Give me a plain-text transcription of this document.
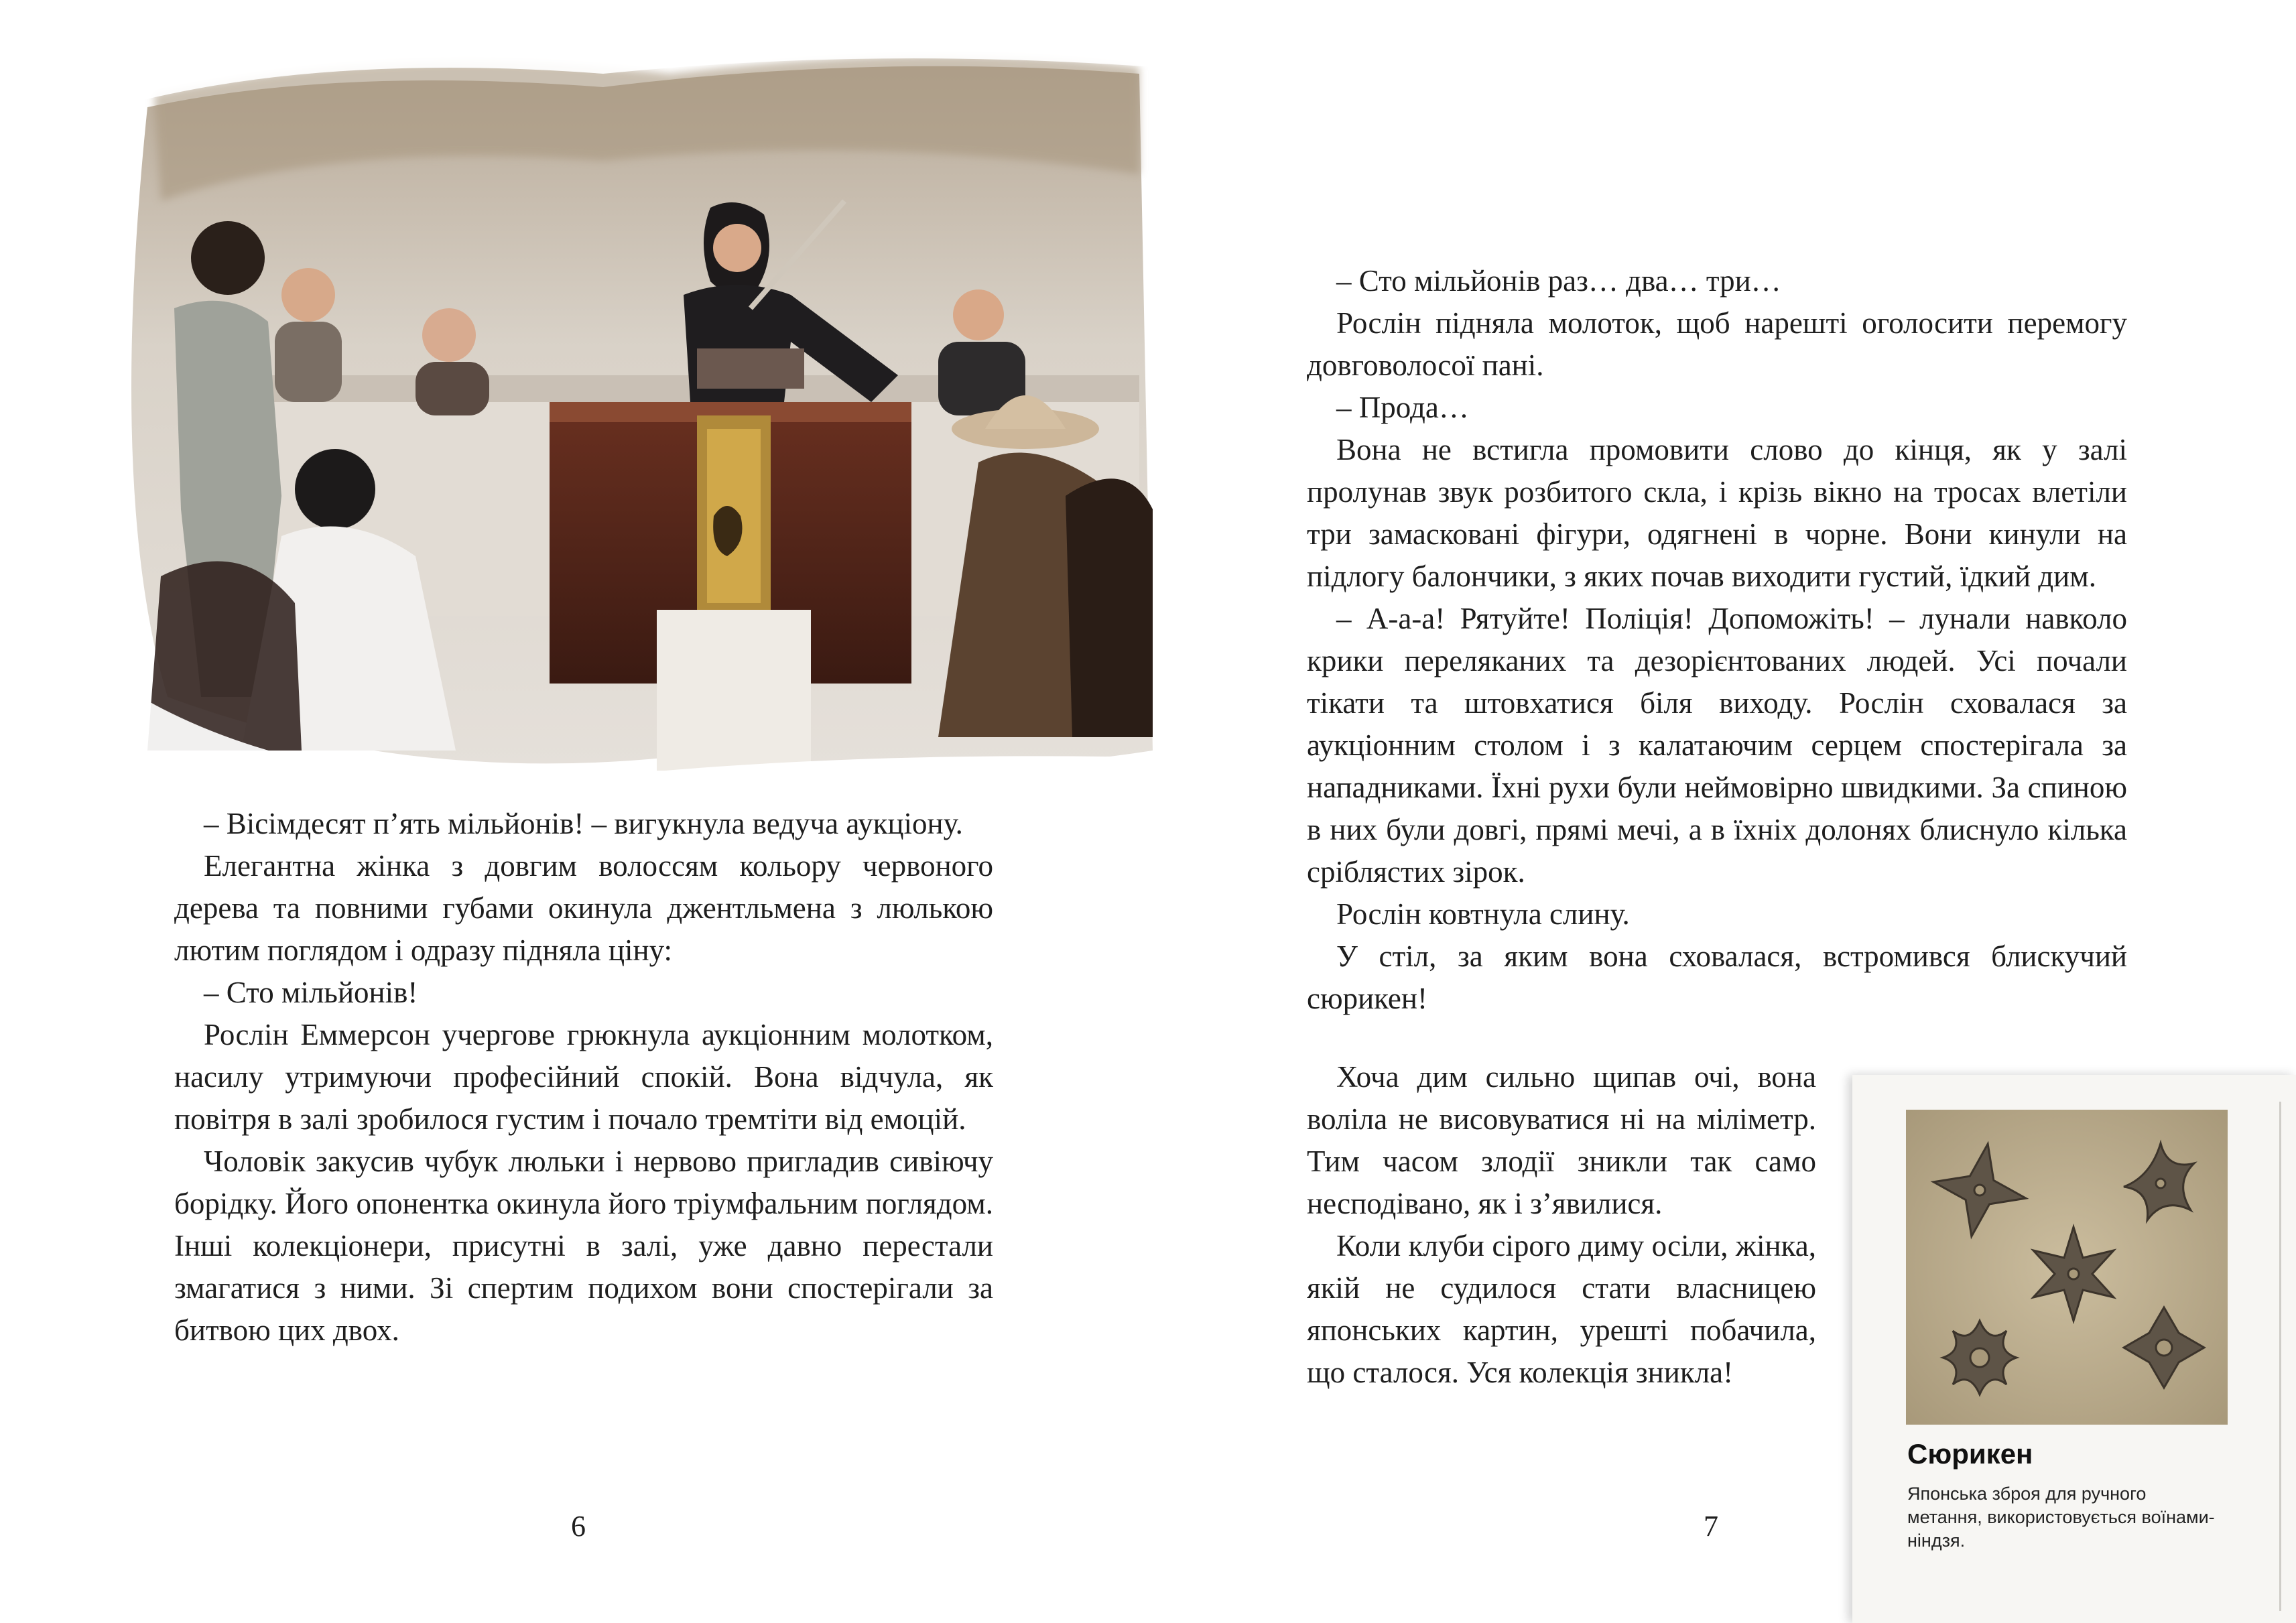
– Вісімдесят п’ять мільйонів! – вигукнула ведуча аукціону.

Елегантна жінка з довгим волоссям кольору червоного дерева та повними губами окинула джентльмена з люлькою лютим поглядом і одразу підняла ціну:

– Сто мільйонів!

Рослін Еммерсон учергове грюкнула аукціонним молотком, насилу утримуючи професійний спокій. Вона відчула, як повітря в залі зробилося густим і почало тремтіти від емоцій.

Чоловік закусив чубук люльки і нервово пригладив сивіючу борідку. Його опонентка окинула його тріумфальним поглядом. Інші колекціонери, присутні в залі, уже давно перестали змагатися з ними. Зі спертим подихом вони спостерігали за битвою цих двох.

– Сто мільйонів раз… два… три…

Рослін підняла молоток, щоб нарешті оголосити перемогу довговолосої пані.

– Прода…

Вона не встигла промовити слово до кінця, як у залі пролунав звук розбитого скла, і крізь вікно на тросах влетіли три замасковані фігури, одягнені в чорне. Вони кинули на підлогу балончики, з яких почав виходити густий, їдкий дим.

– А-а-а! Рятуйте! Поліція! Допоможіть! – лунали навколо крики переляканих та дезорієнтованих людей. Усі почали тікати та штовхатися біля виходу. Рослін сховалася за аукціонним столом і з калатаючим серцем спостерігала за нападниками. Їхні рухи були неймовірно швидкими. За спиною в них були довгі, прямі мечі, а в їхніх долонях блиснуло кілька сріблястих зірок.

Рослін ковтнула слину.

У стіл, за яким вона сховалася, встромився блискучий сюрикен!

Хоча дим сильно щипав очі, вона воліла не висовуватися ні на міліметр. Тим часом злодії зникли так само несподівано, як і з’явилися.

Коли клуби сірого диму осіли, жінка, якій не судилося стати власницею японських картин, урешті побачила, що сталося. Уся колекція зникла!

6	7
Сюрикен
Японська зброя для ручного метання, використовується воїнами-ніндзя.
